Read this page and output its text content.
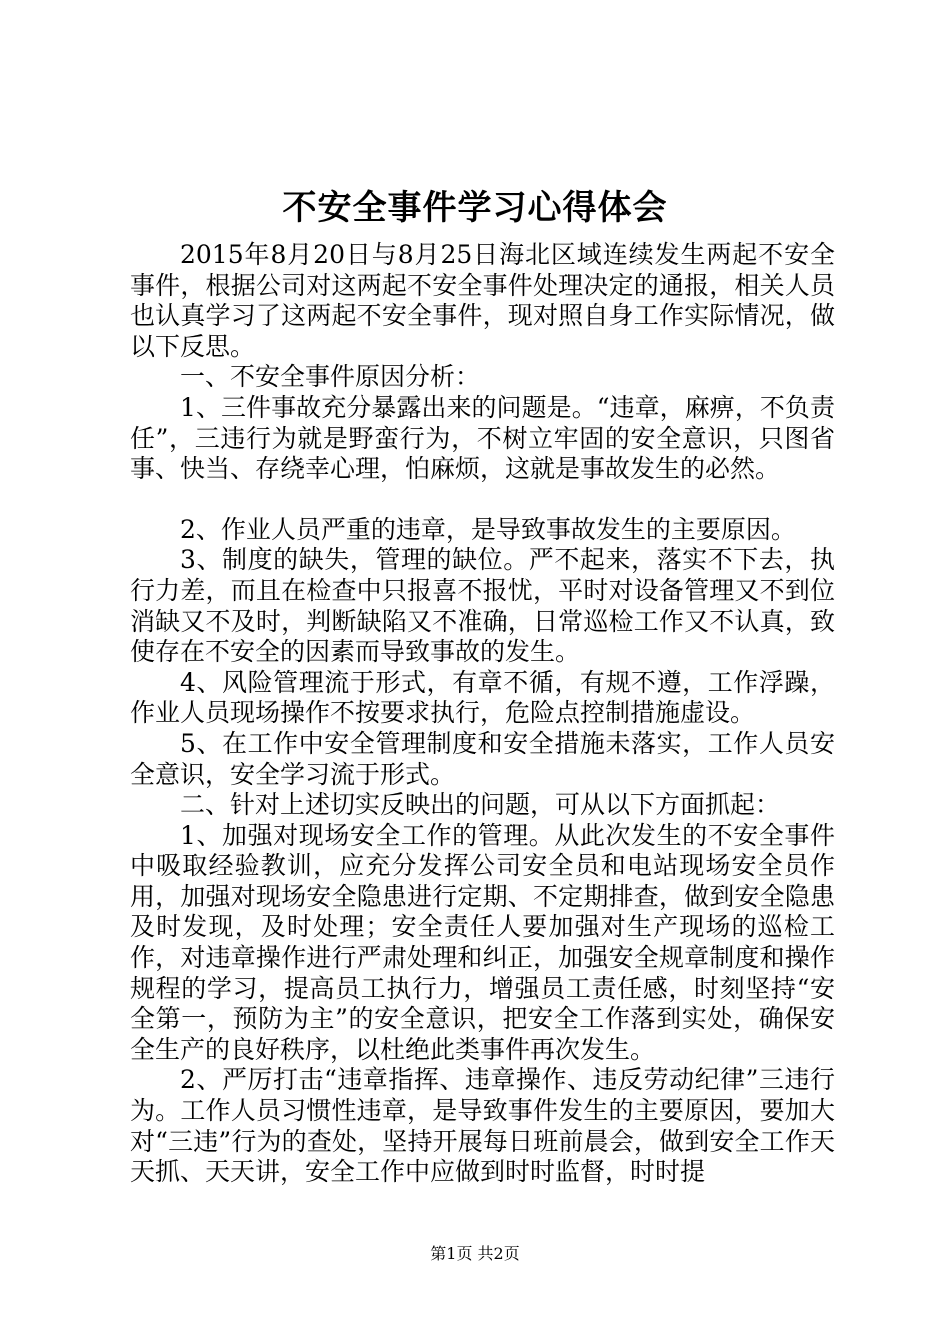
不安全事件学习心得体会

2015年8月20日与8月25日海北区域连续发生两起不安全事件，根据公司对这两起不安全事件处理决定的通报，相关人员也认真学习了这两起不安全事件，现对照自身工作实际情况，做以下反思。

一、不安全事件原因分析：

1、三件事故充分暴露出来的问题是。“违章，麻痹，不负责任”，三违行为就是野蛮行为，不树立牢固的安全意识，只图省事、快当、存绕幸心理，怕麻烦，这就是事故发生的必然。

2、作业人员严重的违章，是导致事故发生的主要原因。

3、制度的缺失，管理的缺位。严不起来，落实不下去，执行力差，而且在检查中只报喜不报忧，平时对设备管理又不到位消缺又不及时，判断缺陷又不准确，日常巡检工作又不认真，致使存在不安全的因素而导致事故的发生。

4、风险管理流于形式，有章不循，有规不遵，工作浮躁，作业人员现场操作不按要求执行，危险点控制措施虚设。

5、在工作中安全管理制度和安全措施未落实，工作人员安全意识，安全学习流于形式。

二、针对上述切实反映出的问题，可从以下方面抓起：

1、加强对现场安全工作的管理。从此次发生的不安全事件中吸取经验教训，应充分发挥公司安全员和电站现场安全员作用，加强对现场安全隐患进行定期、不定期排查，做到安全隐患及时发现，及时处理；安全责任人要加强对生产现场的巡检工作，对违章操作进行严肃处理和纠正，加强安全规章制度和操作规程的学习，提高员工执行力，增强员工责任感，时刻坚持“安全第一，预防为主”的安全意识，把安全工作落到实处，确保安全生产的良好秩序，以杜绝此类事件再次发生。

2、严厉打击“违章指挥、违章操作、违反劳动纪律”三违行为。工作人员习惯性违章，是导致事件发生的主要原因，要加大对“三违”行为的查处，坚持开展每日班前晨会，做到安全工作天天抓、天天讲，安全工作中应做到时时监督，时时提

第1页 共2页
